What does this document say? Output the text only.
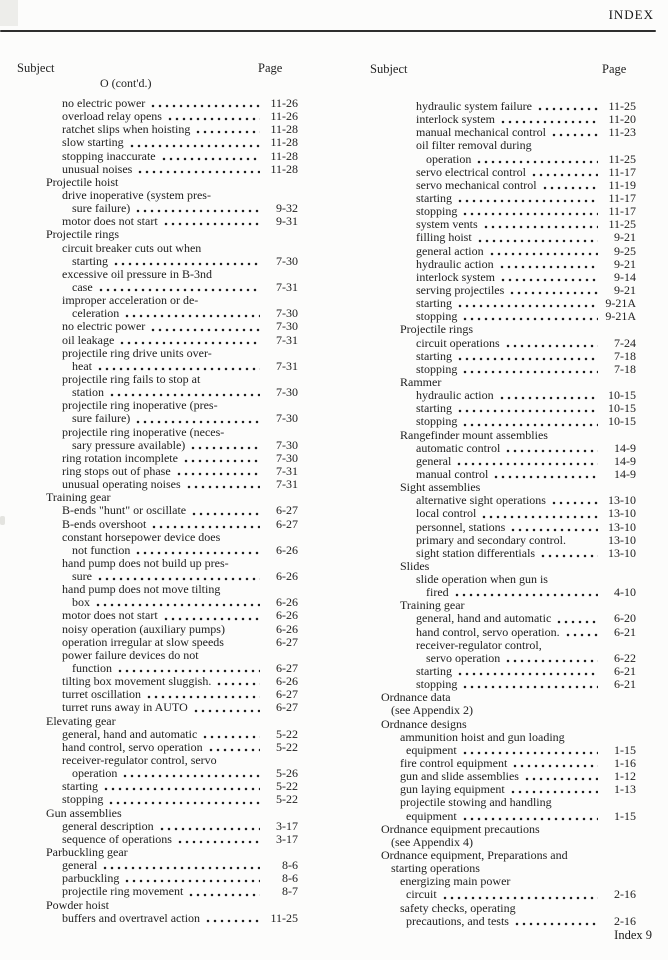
INDEX
Subject	Page	Subject	Page
O (cont'd.)
no electric power	11-26
overload relay opens	11-26
ratchet slips when hoisting	11-28
slow starting	11-28
stopping inaccurate	11-28
unusual noises	11-28
Projectile hoist
drive inoperative (system pres-
sure failure)	9-32
motor does not start	9-31
Projectile rings
circuit breaker cuts out when
starting	7-30
excessive oil pressure in B-3nd
case	7-31
improper acceleration or de-
celeration	7-30
no electric power	7-30
oil leakage	7-31
projectile ring drive units over-
heat	7-31
projectile ring fails to stop at
station	7-30
projectile ring inoperative (pres-
sure failure)	7-30
projectile ring inoperative (neces-
sary pressure available)	7-30
ring rotation incomplete	7-30
ring stops out of phase	7-31
unusual operating noises	7-31
Training gear
B-ends "hunt" or oscillate	6-27
B-ends overshoot	6-27
constant horsepower device does
not function	6-26
hand pump does not build up pres-
sure	6-26
hand pump does not move tilting
box	6-26
motor does not start	6-26
noisy operation (auxiliary pumps)	6-26
operation irregular at slow speeds	6-27
power failure devices do not
function	6-27
tilting box movement sluggish.	6-26
turret oscillation	6-27
turret runs away in AUTO	6-27
Elevating gear
general, hand and automatic	5-22
hand control, servo operation	5-22
receiver-regulator control, servo
operation	5-26
starting	5-22
stopping	5-22
Gun assemblies
general description	3-17
sequence of operations	3-17
Parbuckling gear
general	8-6
parbuckling	8-6
projectile ring movement	8-7
Powder hoist
buffers and overtravel action	11-25
hydraulic system failure	11-25
interlock system	11-20
manual mechanical control	11-23
oil filter removal during
operation	11-25
servo electrical control	11-17
servo mechanical control	11-19
starting	11-17
stopping	11-17
system vents	11-25
filling hoist	9-21
general action	9-25
hydraulic action	9-21
interlock system	9-14
serving projectiles	9-21
starting	9-21A
stopping	9-21A
Projectile rings
circuit operations	7-24
starting	7-18
stopping	7-18
Rammer
hydraulic action	10-15
starting	10-15
stopping	10-15
Rangefinder mount assemblies
automatic control	14-9
general	14-9
manual control	14-9
Sight assemblies
alternative sight operations	13-10
local control	13-10
personnel, stations	13-10
primary and secondary control.	13-10
sight station differentials	13-10
Slides
slide operation when gun is
fired	4-10
Training gear
general, hand and automatic	6-20
hand control, servo operation.	6-21
receiver-regulator control,
servo operation	6-22
starting	6-21
stopping	6-21
Ordnance data
(see Appendix 2)
Ordnance designs
ammunition hoist and gun loading
equipment	1-15
fire control equipment	1-16
gun and slide assemblies	1-12
gun laying equipment	1-13
projectile stowing and handling
equipment	1-15
Ordnance equipment precautions
(see Appendix 4)
Ordnance equipment, Preparations and
starting operations
energizing main power
circuit	2-16
safety checks, operating
precautions, and tests	2-16
Index 9
